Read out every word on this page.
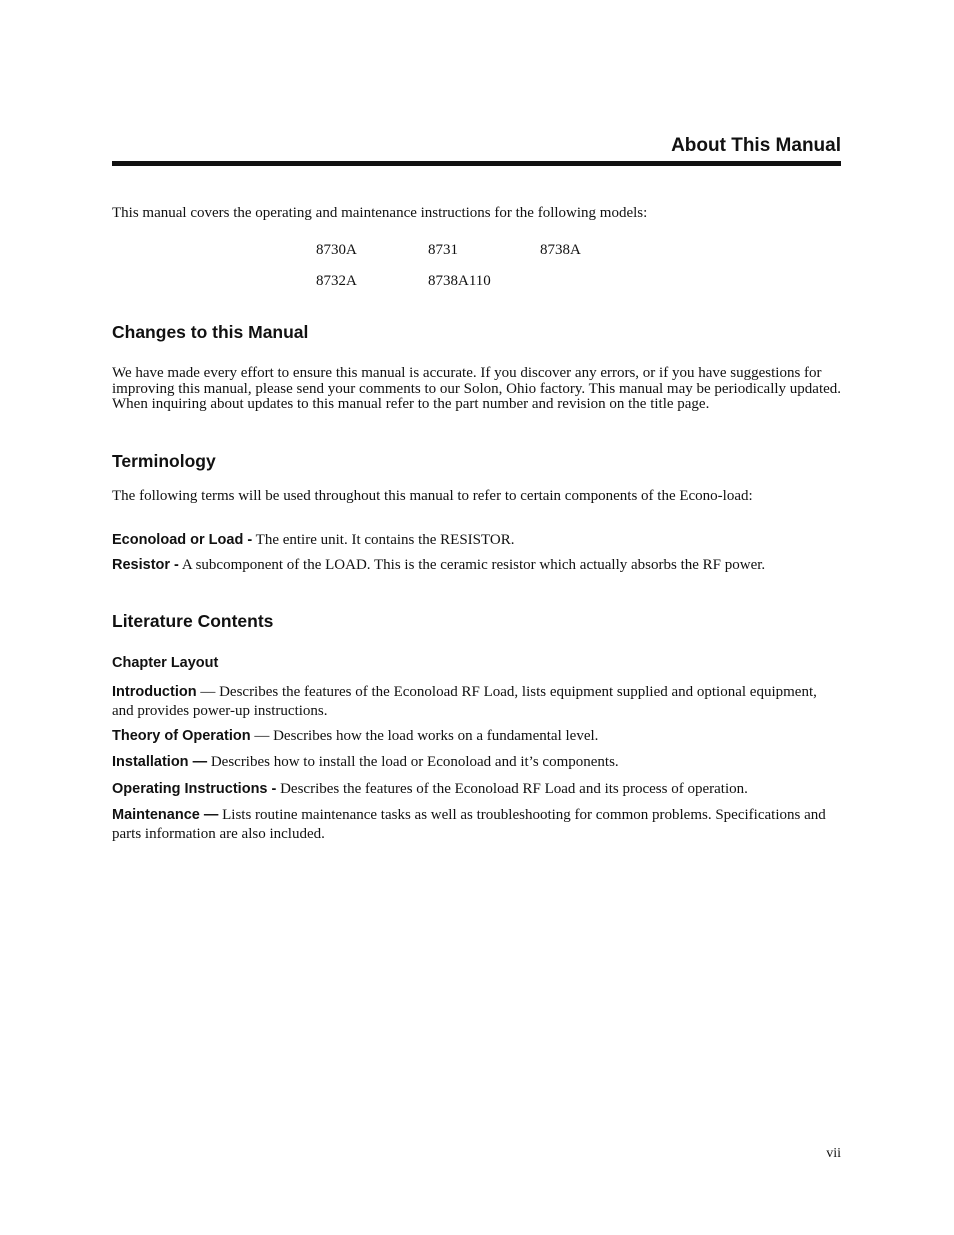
About This Manual
This manual covers the operating and maintenance instructions for the following models:
8730A	8731	8738A
8732A	8738A110
Changes to this Manual
We have made every effort to ensure this manual is accurate. If you discover any errors, or if you have suggestions for improving this manual, please send your comments to our Solon, Ohio factory. This manual may be periodically updated. When inquiring about updates to this manual refer to the part number and revision on the title page.
Terminology
The following terms will be used throughout this manual to refer to certain components of the Econo-load:
Econoload or Load - The entire unit. It contains the RESISTOR.
Resistor - A subcomponent of the LOAD. This is the ceramic resistor which actually absorbs the RF power.
Literature Contents
Chapter Layout
Introduction — Describes the features of the Econoload RF Load, lists equipment supplied and optional equipment, and provides power-up instructions.
Theory of Operation — Describes how the load works on a fundamental level.
Installation — Describes how to install the load or Econoload and it’s components.
Operating Instructions - Describes the features of the Econoload RF Load and its process of operation.
Maintenance — Lists routine maintenance tasks as well as troubleshooting for common problems. Specifications and parts information are also included.
vii
